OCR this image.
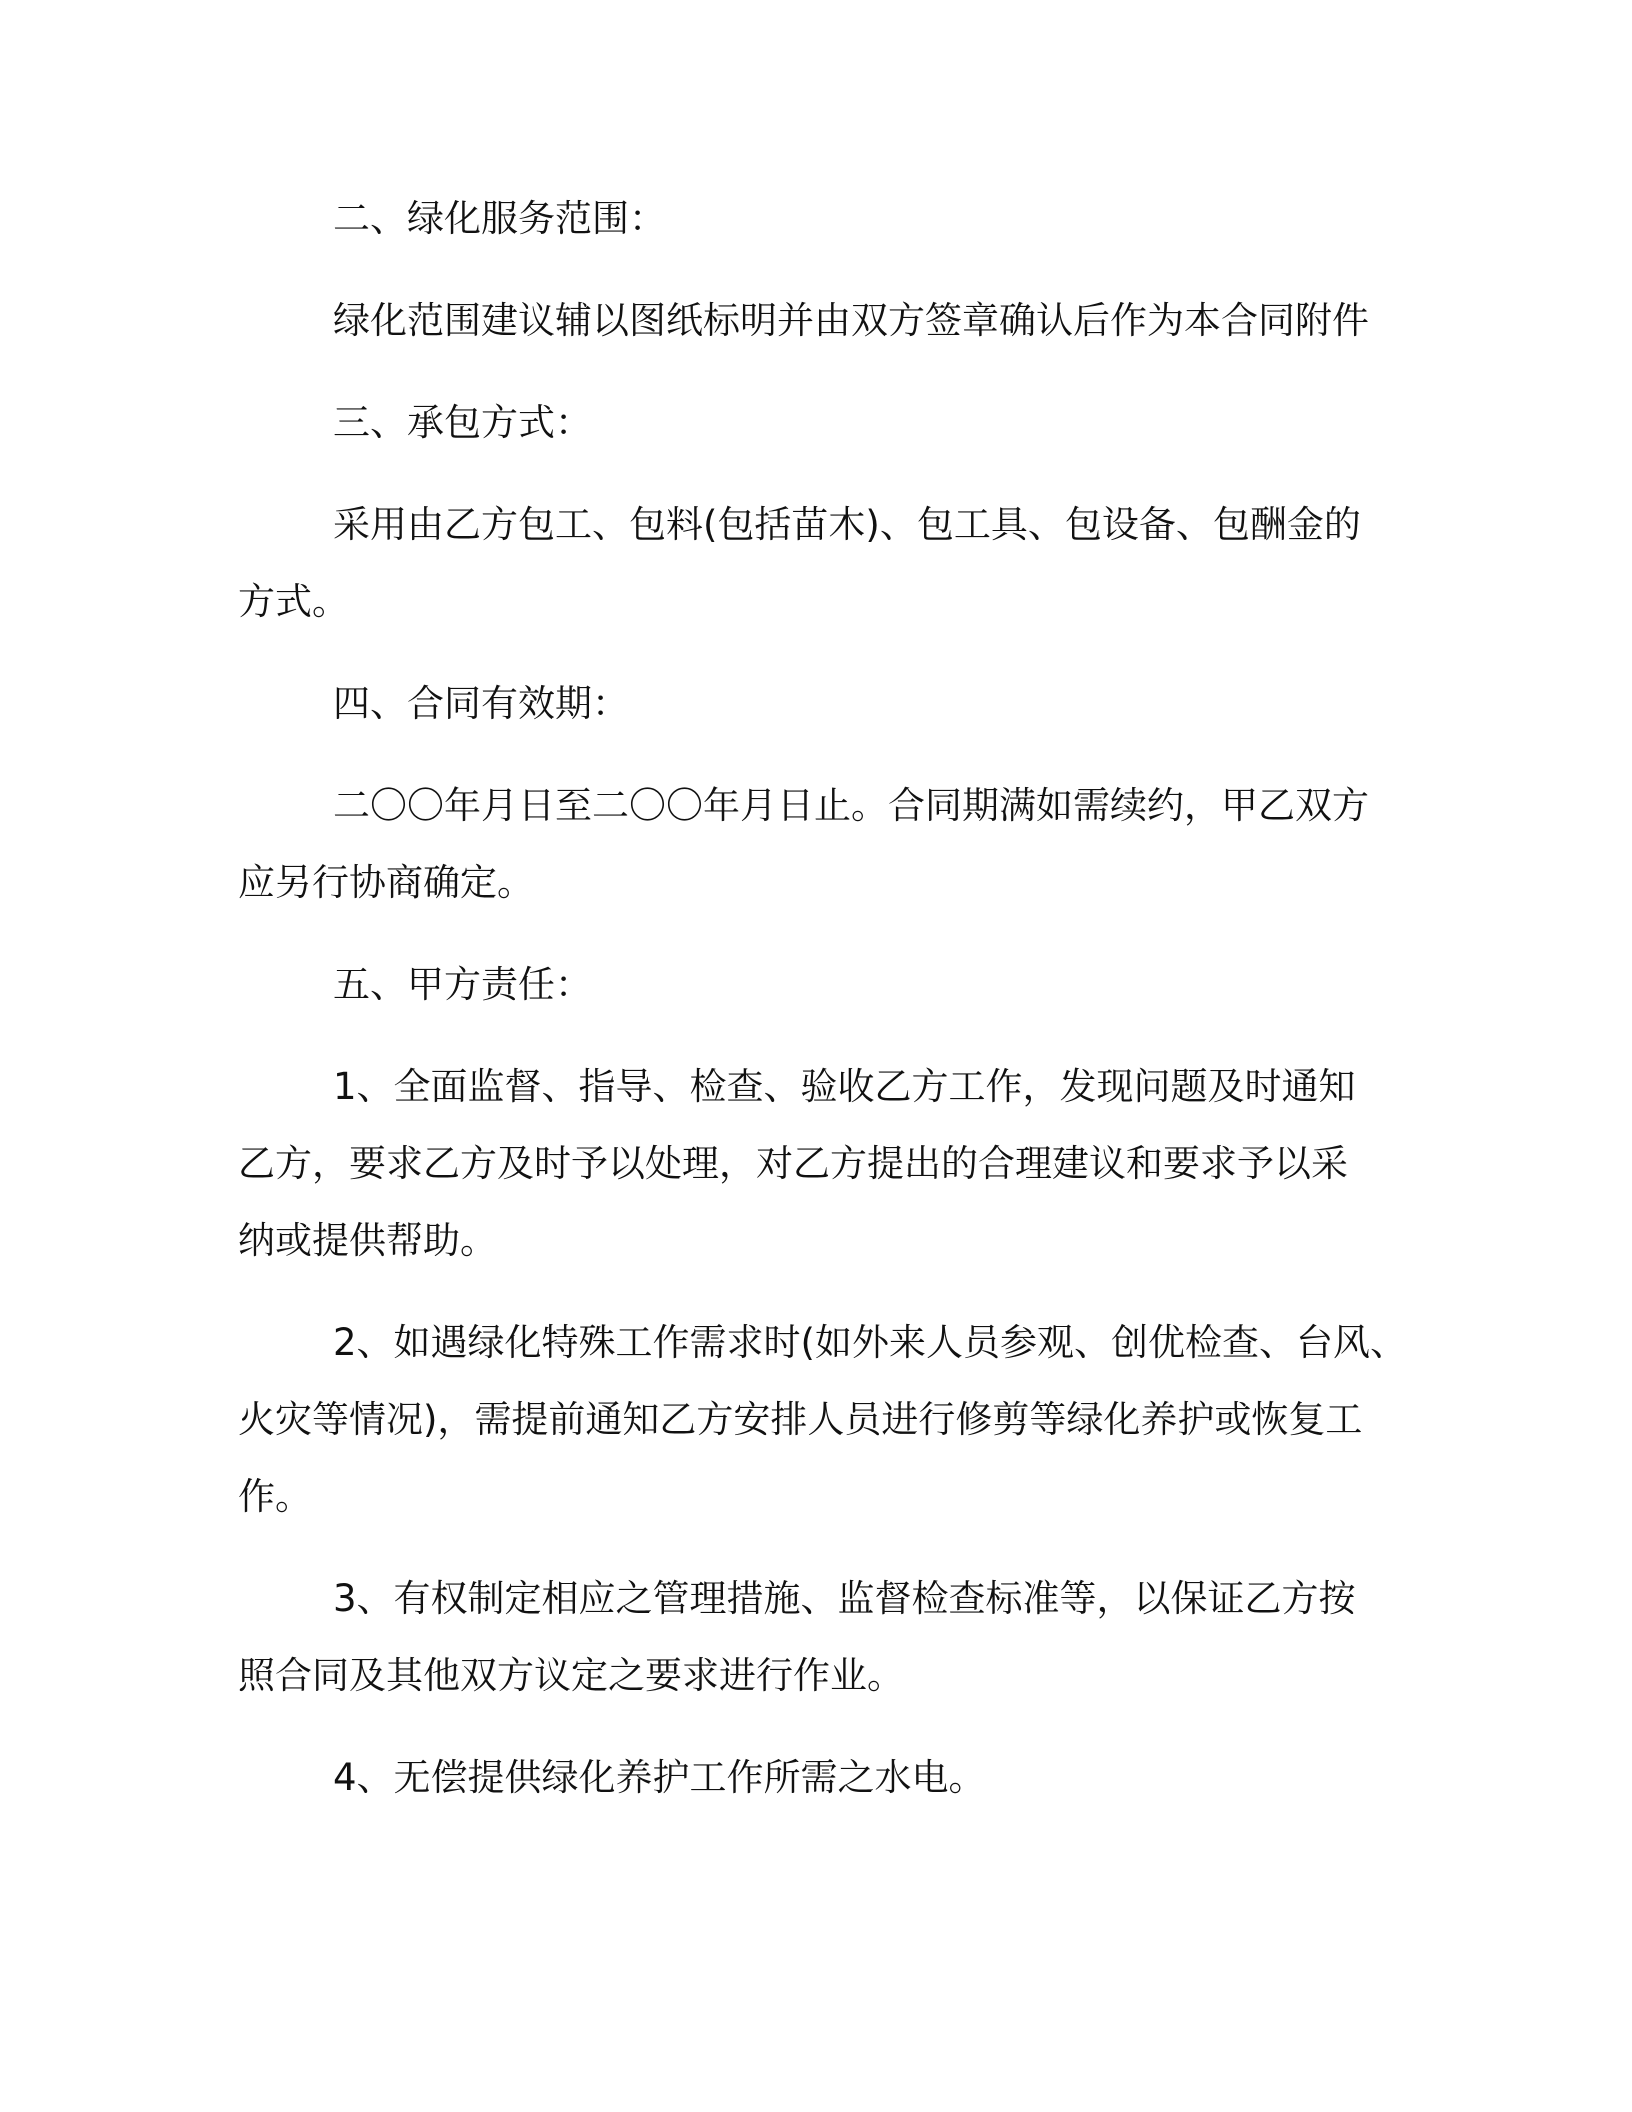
二、绿化服务范围：
绿化范围建议辅以图纸标明并由双方签章确认后作为本合同附件
三、承包方式：
采用由乙方包工、包料(包括苗木)、包工具、包设备、包酬金的
方式。
四、合同有效期：
二〇〇年月日至二〇〇年月日止。合同期满如需续约，甲乙双方
应另行协商确定。
五、甲方责任：
1、全面监督、指导、检查、验收乙方工作，发现问题及时通知
乙方，要求乙方及时予以处理，对乙方提出的合理建议和要求予以采
纳或提供帮助。
2、如遇绿化特殊工作需求时(如外来人员参观、创优检查、台风、
火灾等情况)，需提前通知乙方安排人员进行修剪等绿化养护或恢复工
作。
3、有权制定相应之管理措施、监督检查标准等，以保证乙方按
照合同及其他双方议定之要求进行作业。
4、无偿提供绿化养护工作所需之水电。
